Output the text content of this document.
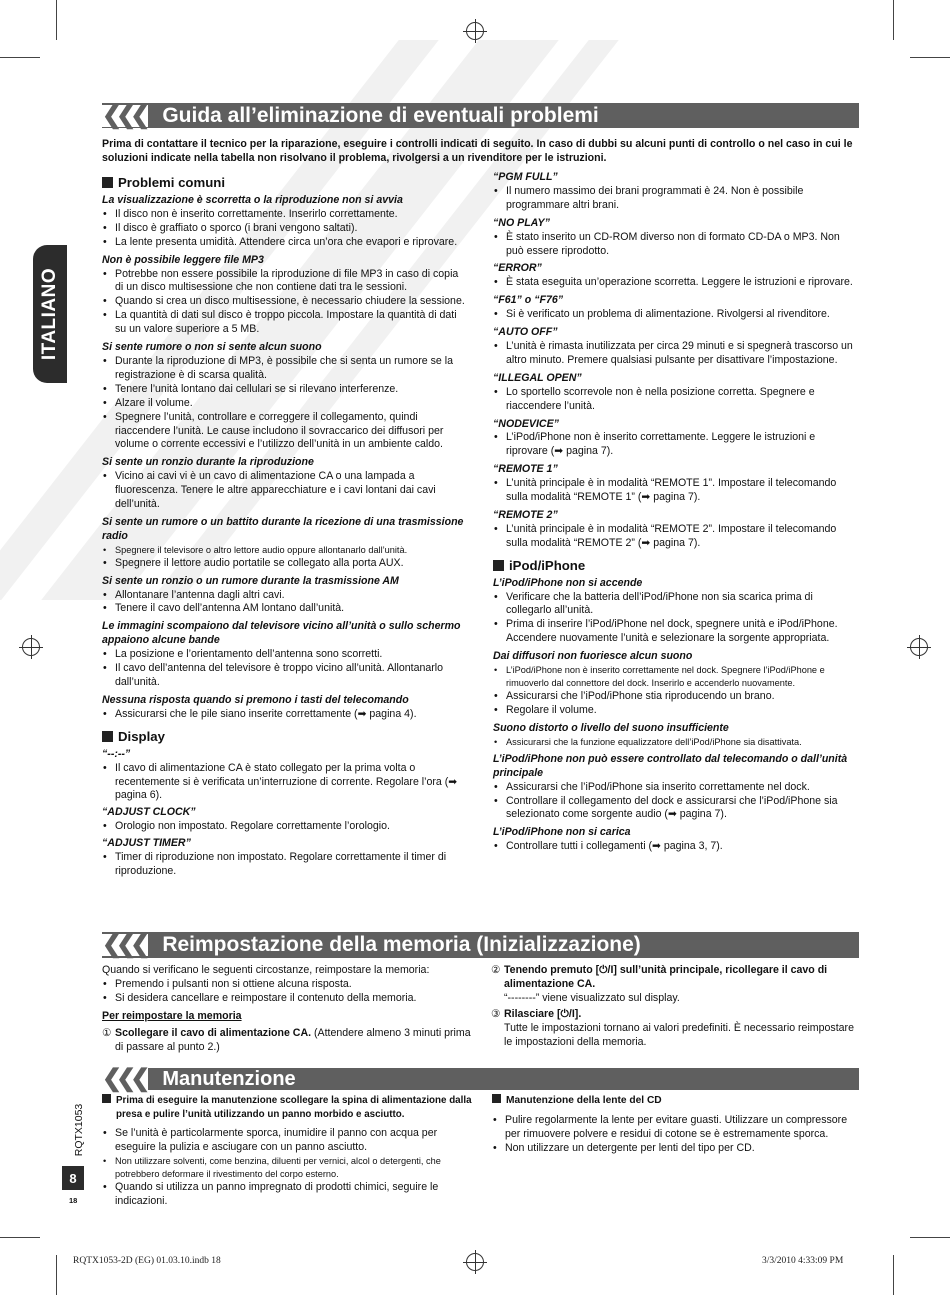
ITALIANO
❮❮❮ Guida all’eliminazione di eventuali problemi
Prima di contattare il tecnico per la riparazione, eseguire i controlli indicati di seguito. In caso di dubbi su alcuni punti di controllo o nel caso in cui le soluzioni indicate nella tabella non risolvano il problema, rivolgersi a un rivenditore per le istruzioni.
Problemi comuni

La visualizzazione è scorretta o la riproduzione non si avvia

• Il disco non è inserito correttamente. Inserirlo correttamente.

• Il disco è graffiato o sporco (i brani vengono saltati).

• La lente presenta umidità. Attendere circa un’ora che evapori e riprovare.

Non è possibile leggere file MP3

• Potrebbe non essere possibile la riproduzione di file MP3 in caso di copia di un disco multisessione che non contiene dati tra le sessioni.

• Quando si crea un disco multisessione, è necessario chiudere la sessione.

• La quantità di dati sul disco è troppo piccola. Impostare la quantità di dati su un valore superiore a 5 MB.

Si sente rumore o non si sente alcun suono

• Durante la riproduzione di MP3, è possibile che si senta un rumore se la registrazione è di scarsa qualità.

• Tenere l’unità lontano dai cellulari se si rilevano interferenze.

• Alzare il volume.

• Spegnere l’unità, controllare e correggere il collegamento, quindi riaccendere l’unità. Le cause includono il sovraccarico dei diffusori per volume o corrente eccessivi e l’utilizzo dell’unità in un ambiente caldo.

Si sente un ronzio durante la riproduzione

• Vicino ai cavi vi è un cavo di alimentazione CA o una lampada a fluorescenza. Tenere le altre apparecchiature e i cavi lontani dai cavi dell’unità.

Si sente un rumore o un battito durante la ricezione di una trasmissione radio

• Spegnere il televisore o altro lettore audio oppure allontanarlo dall’unità.

• Spegnere il lettore audio portatile se collegato alla porta AUX.

Si sente un ronzio o un rumore durante la trasmissione AM

• Allontanare l’antenna dagli altri cavi.

• Tenere il cavo dell’antenna AM lontano dall’unità.

Le immagini scompaiono dal televisore vicino all’unità o sullo schermo appaiono alcune bande

• La posizione e l’orientamento dell’antenna sono scorretti.

• Il cavo dell’antenna del televisore è troppo vicino all’unità. Allontanarlo dall’unità.

Nessuna risposta quando si premono i tasti del telecomando

• Assicurarsi che le pile siano inserite correttamente (➡ pagina 4).

Display

“--:--”

• Il cavo di alimentazione CA è stato collegato per la prima volta o recentemente si è verificata un’interruzione di corrente. Regolare l’ora (➡ pagina 6).

“ADJUST CLOCK”

• Orologio non impostato. Regolare correttamente l’orologio.

“ADJUST TIMER”

• Timer di riproduzione non impostato. Regolare correttamente il timer di riproduzione.

“PGM FULL”

• Il numero massimo dei brani programmati è 24. Non è possibile programmare altri brani.

“NO PLAY”

• È stato inserito un CD-ROM diverso non di formato CD-DA o MP3. Non può essere riprodotto.

“ERROR”

• È stata eseguita un’operazione scorretta. Leggere le istruzioni e riprovare.

“F61” o “F76”

• Si è verificato un problema di alimentazione. Rivolgersi al rivenditore.

“AUTO OFF”

• L’unità è rimasta inutilizzata per circa 29 minuti e si spegnerà trascorso un altro minuto. Premere qualsiasi pulsante per disattivare l’impostazione.

“ILLEGAL OPEN”

• Lo sportello scorrevole non è nella posizione corretta. Spegnere e riaccendere l’unità.

“NODEVICE”

• L’iPod/iPhone non è inserito correttamente. Leggere le istruzioni e riprovare (➡ pagina 7).

“REMOTE 1”

• L’unità principale è in modalità “REMOTE 1”. Impostare il telecomando sulla modalità “REMOTE 1” (➡ pagina 7).

“REMOTE 2”

• L’unità principale è in modalità “REMOTE 2”. Impostare il telecomando sulla modalità “REMOTE 2” (➡ pagina 7).

iPod/iPhone

L’iPod/iPhone non si accende

• Verificare che la batteria dell’iPod/iPhone non sia scarica prima di collegarlo all’unità.

• Prima di inserire l’iPod/iPhone nel dock, spegnere unità e iPod/iPhone. Accendere nuovamente l’unità e selezionare la sorgente appropriata.

Dai diffusori non fuoriesce alcun suono

• L’iPod/iPhone non è inserito correttamente nel dock. Spegnere l’iPod/iPhone e rimuoverlo dal connettore del dock. Inserirlo e accenderlo nuovamente.

• Assicurarsi che l’iPod/iPhone stia riproducendo un brano.

• Regolare il volume.

Suono distorto o livello del suono insufficiente

• Assicurarsi che la funzione equalizzatore dell’iPod/iPhone sia disattivata.

L’iPod/iPhone non può essere controllato dal telecomando o dall’unità principale

• Assicurarsi che l’iPod/iPhone sia inserito correttamente nel dock.

• Controllare il collegamento del dock e assicurarsi che l’iPod/iPhone sia selezionato come sorgente audio (➡ pagina 7).

L’iPod/iPhone non si carica

• Controllare tutti i collegamenti (➡ pagina 3, 7).

❮❮❮ Reimpostazione della memoria (Inizializzazione)

Quando si verificano le seguenti circostanze, reimpostare la memoria:

• Premendo i pulsanti non si ottiene alcuna risposta.

• Si desidera cancellare e reimpostare il contenuto della memoria.

Per reimpostare la memoria

① Scollegare il cavo di alimentazione CA. (Attendere almeno 3 minuti prima di passare al punto 2.)

② Tenendo premuto [⏻/I] sull’unità principale, ricollegare il cavo di alimentazione CA.

“--------” viene visualizzato sul display.

③ Rilasciare [⏻/I].

Tutte le impostazioni tornano ai valori predefiniti. È necessario reimpostare le impostazioni della memoria.

❮❮❮ Manutenzione

Prima di eseguire la manutenzione scollegare la spina di alimentazione dalla presa e pulire l’unità utilizzando un panno morbido e asciutto.

• Se l’unità è particolarmente sporca, inumidire il panno con acqua per eseguire la pulizia e asciugare con un panno asciutto.

• Non utilizzare solventi, come benzina, diluenti per vernici, alcol o detergenti, che potrebbero deformare il rivestimento del corpo esterno.

• Quando si utilizza un panno impregnato di prodotti chimici, seguire le indicazioni.

Manutenzione della lente del CD

• Pulire regolarmente la lente per evitare guasti. Utilizzare un compressore per rimuovere polvere e residui di cotone se è estremamente sporca.

• Non utilizzare un detergente per lenti del tipo per CD.

RQTX1053
8
18
RQTX1053-2D (EG) 01.03.10.indb 18	3/3/2010 4:33:09 PM
